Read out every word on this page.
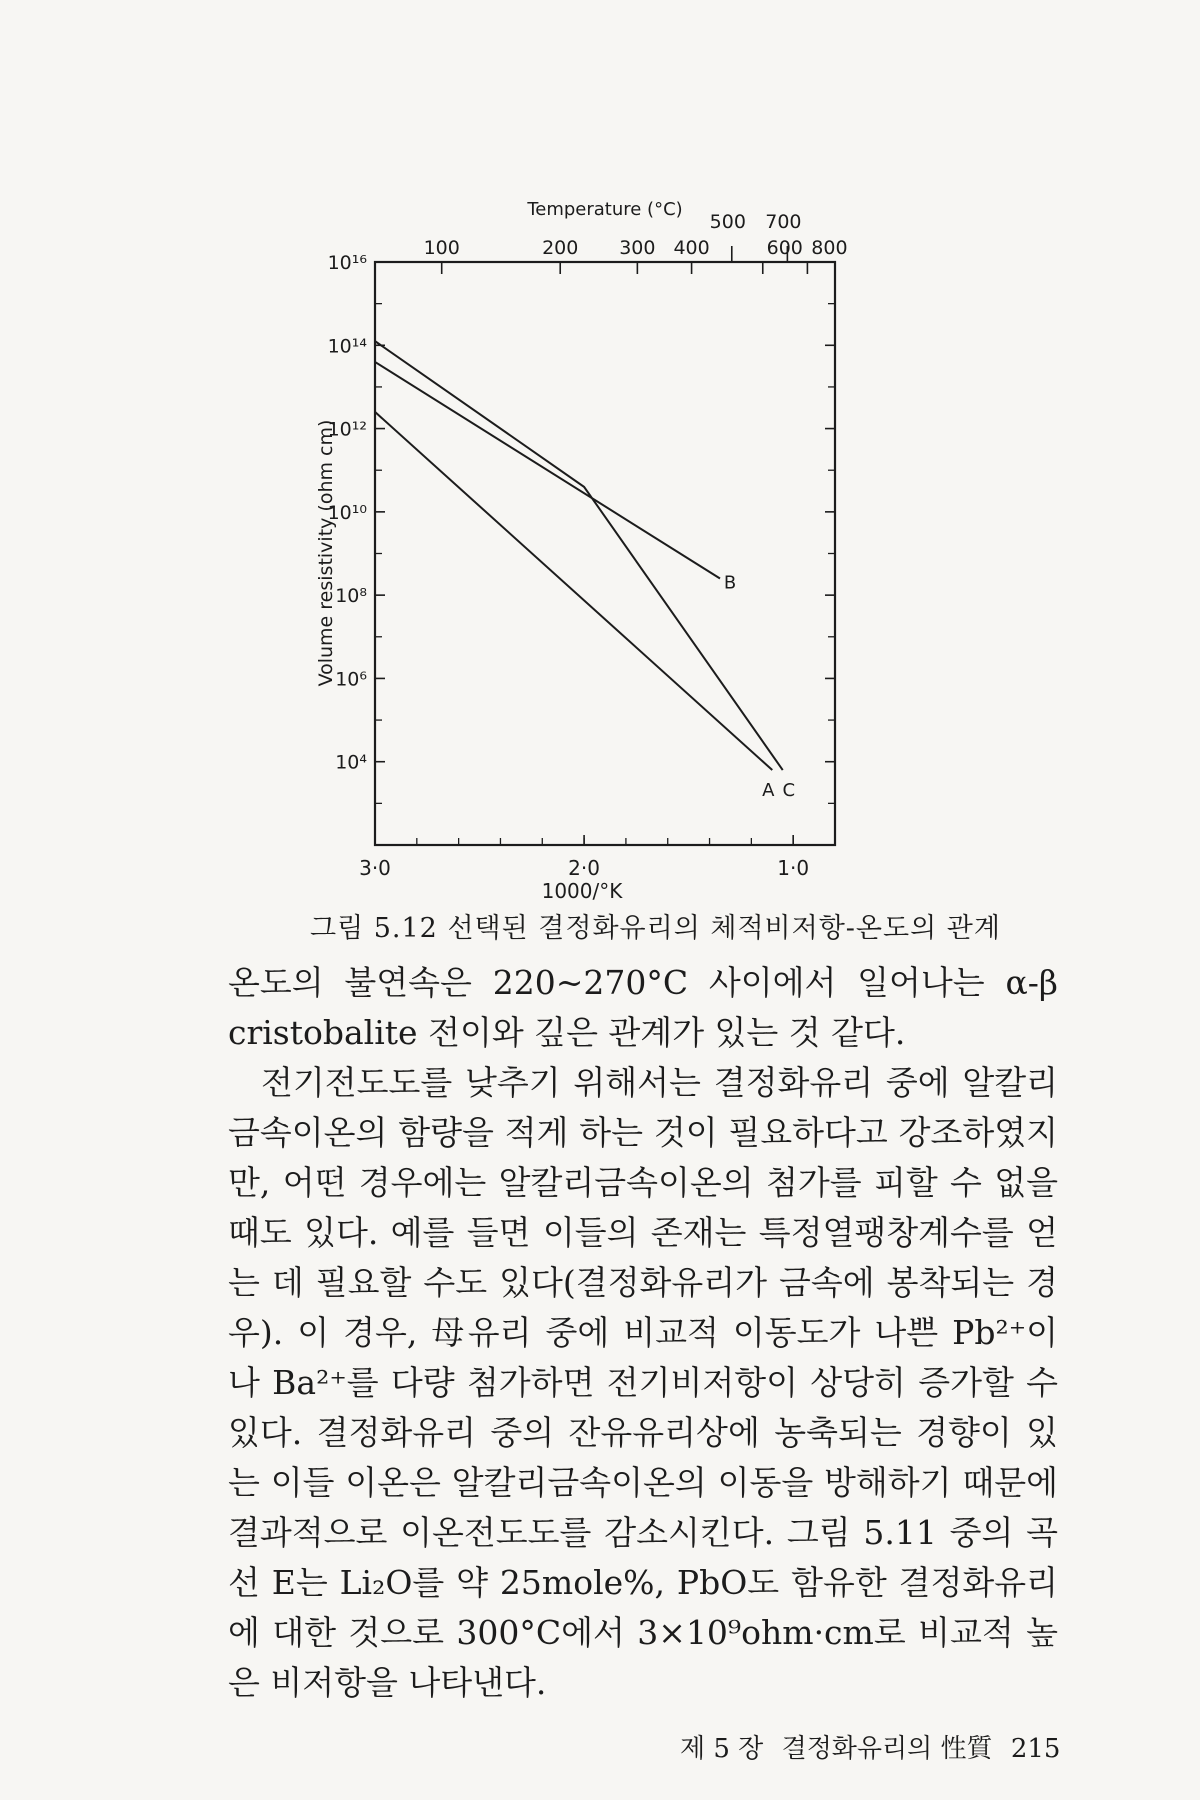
3·0	2·0	1·0
10¹⁶
10¹⁴
10¹²
10¹⁰
10⁸
10⁶
10⁴
100	200 300 400
500
600
700
800
A
B
C
Volume resistivity (ohm cm)
1000/°K
Temperature (°C)
그림 5.12 선택된 결정화유리의 체적비저항-온도의 관계

온도의 불연속은 220~270°C 사이에서 일어나는 α-β cristobalite 전이와 깊은 관계가 있는 것 같다.

전기전도도를 낮추기 위해서는 결정화유리 중에 알칼리금속이온의 함량을 적게 하는 것이 필요하다고 강조하였지만, 어떤 경우에는 알칼리금속이온의 첨가를 피할 수 없을 때도 있다. 예를 들면 이들의 존재는 특정열팽창계수를 얻는 데 필요할 수도 있다(결정화유리가 금속에 봉착되는 경우). 이 경우, 母유리 중에 비교적 이동도가 나쁜 Pb²⁺이나 Ba²⁺를 다량 첨가하면 전기비저항이 상당히 증가할 수 있다. 결정화유리 중의 잔유유리상에 농축되는 경향이 있는 이들 이온은 알칼리금속이온의 이동을 방해하기 때문에 결과적으로 이온전도도를 감소시킨다. 그림 5.11 중의 곡선 E는 Li₂O를 약 25mole%, PbO도 함유한 결정화유리에 대한 것으로 300°C에서 3×10⁹ohm·cm로 비교적 높은 비저항을 나타낸다.

제 5 장 결정화유리의 性質 215
